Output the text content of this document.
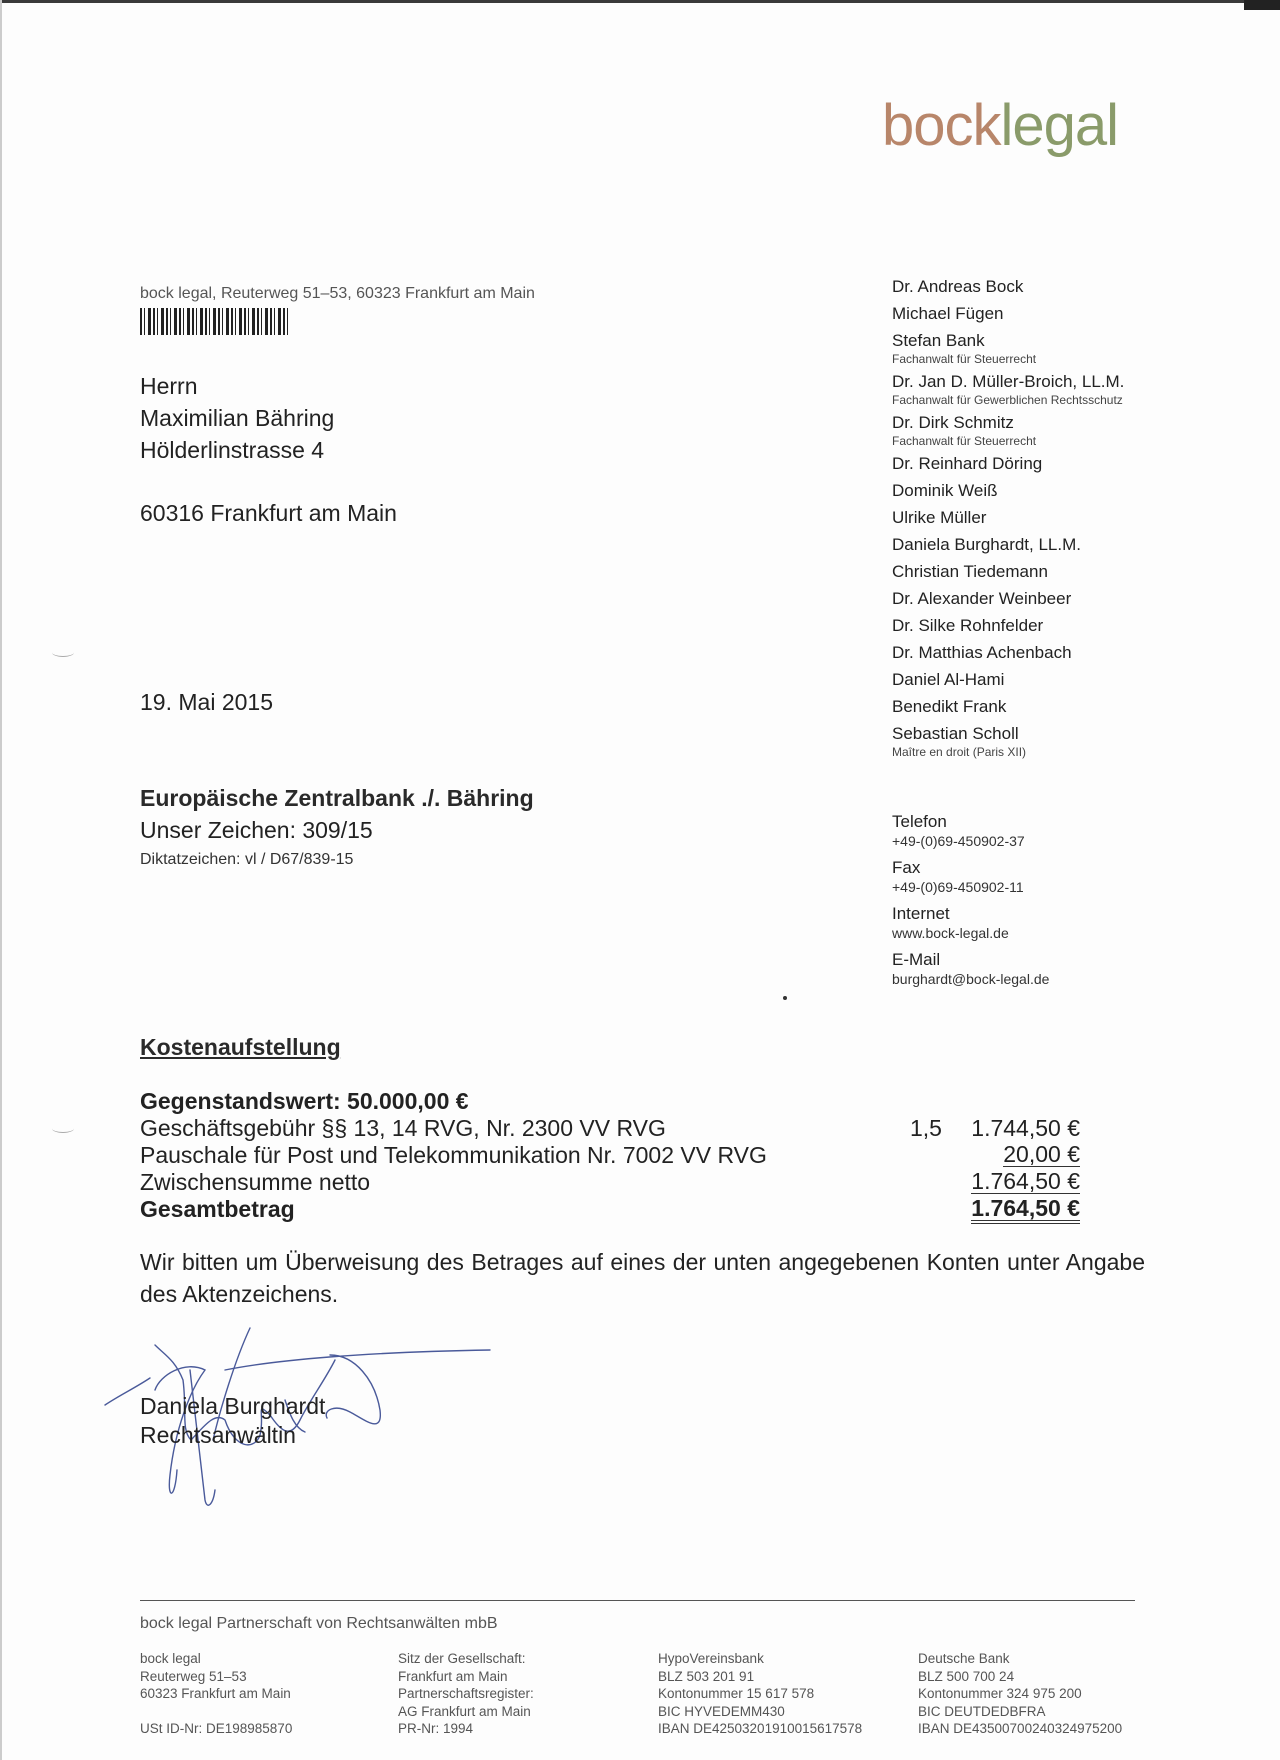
bocklegal
bock legal, Reuterweg 51–53, 60323 Frankfurt am Main
Herrn
Maximilian Bähring
Hölderlinstrasse 4
60316 Frankfurt am Main
19. Mai 2015
Europäische Zentralbank ./. Bähring
Unser Zeichen: 309/15
Diktatzeichen: vl / D67/839-15
Dr. Andreas Bock
Michael Fügen
Stefan Bank
Fachanwalt für Steuerrecht
Dr. Jan D. Müller-Broich, LL.M.
Fachanwalt für Gewerblichen Rechtsschutz
Dr. Dirk Schmitz
Fachanwalt für Steuerrecht
Dr. Reinhard Döring
Dominik Weiß
Ulrike Müller
Daniela Burghardt, LL.M.
Christian Tiedemann
Dr. Alexander Weinbeer
Dr. Silke Rohnfelder
Dr. Matthias Achenbach
Daniel Al-Hami
Benedikt Frank
Sebastian Scholl
Maître en droit (Paris XII)
Telefon
+49-(0)69-450902-37
Fax
+49-(0)69-450902-11
Internet
www.bock-legal.de
E-Mail
burghardt@bock-legal.de
Kostenaufstellung
Gegenstandswert: 50.000,00 €
Geschäftsgebühr §§ 13, 14 RVG, Nr. 2300 VV RVG	1,5 1.744,50 €
Pauschale für Post und Telekommunikation Nr. 7002 VV RVG	20,00 €
Zwischensumme netto	1.764,50 €
Gesamtbetrag	1.764,50 €
Wir bitten um Überweisung des Betrages auf eines der unten angegebenen Konten unter Angabe des Aktenzeichens.
Daniela Burghardt
Rechtsanwältin
bock legal Partnerschaft von Rechtsanwälten mbB
bock legal
Reuterweg 51–53
60323 Frankfurt am Main
USt ID-Nr: DE198985870
Sitz der Gesellschaft:
Frankfurt am Main
Partnerschaftsregister:
AG Frankfurt am Main
PR-Nr: 1994
HypoVereinsbank
BLZ 503 201 91
Kontonummer 15 617 578
BIC HYVEDEMM430
IBAN DE42503201910015617578
Deutsche Bank
BLZ 500 700 24
Kontonummer 324 975 200
BIC DEUTDEDBFRA
IBAN DE43500700240324975200
